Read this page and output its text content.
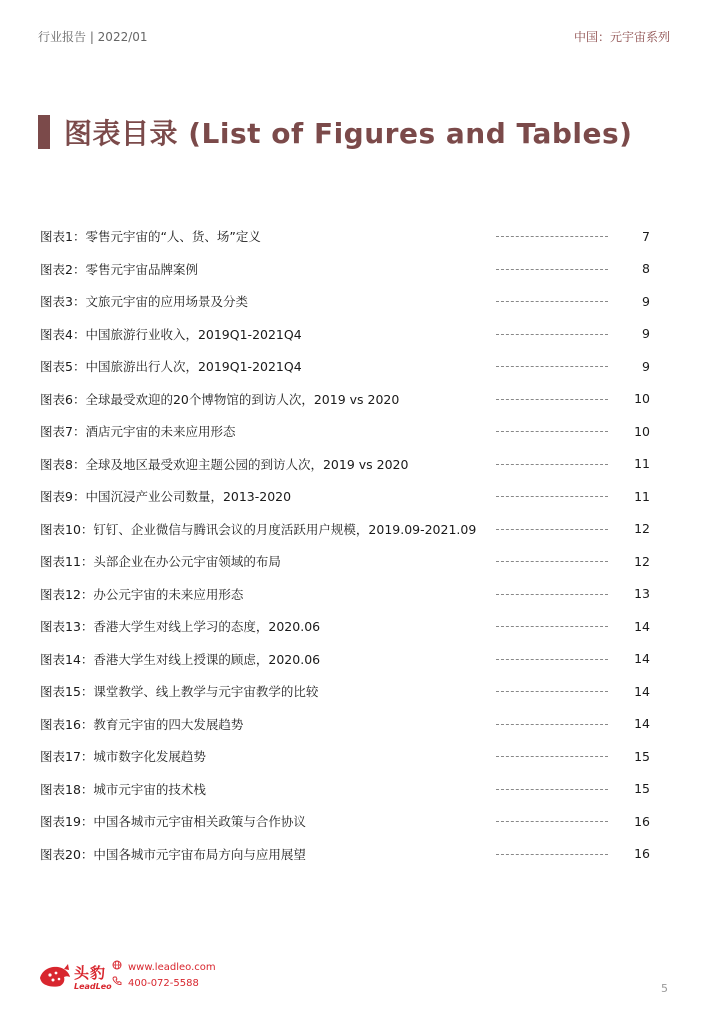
行业报告 | 2022/01	中国：元宇宙系列
图表目录 (List of Figures and Tables)
图表1：零售元宇宙的“人、货、场”定义	7
图表2：零售元宇宙品牌案例	8
图表3：文旅元宇宙的应用场景及分类	9
图表4：中国旅游行业收入，2019Q1-2021Q4	9
图表5：中国旅游出行人次，2019Q1-2021Q4	9
图表6：全球最受欢迎的20个博物馆的到访人次，2019 vs 2020	10
图表7：酒店元宇宙的未来应用形态	10
图表8：全球及地区最受欢迎主题公园的到访人次，2019 vs 2020	11
图表9：中国沉浸产业公司数量，2013-2020	11
图表10：钉钉、企业微信与腾讯会议的月度活跃用户规模，2019.09-2021.09	12
图表11：头部企业在办公元宇宙领域的布局	12
图表12：办公元宇宙的未来应用形态	13
图表13：香港大学生对线上学习的态度，2020.06	14
图表14：香港大学生对线上授课的顾虑，2020.06	14
图表15：课堂教学、线上教学与元宇宙教学的比较	14
图表16：教育元宇宙的四大发展趋势	14
图表17：城市数字化发展趋势	15
图表18：城市元宇宙的技术栈	15
图表19：中国各城市元宇宙相关政策与合作协议	16
图表20：中国各城市元宇宙布局方向与应用展望	16
头豹
LeadLeo
www.leadleo.com
400-072-5588	5
